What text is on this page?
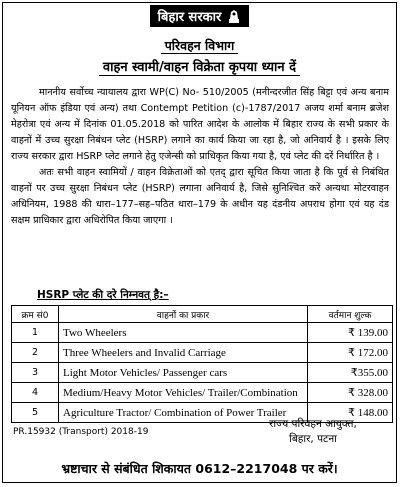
बिहार सरकार
परिवहन विभाग
वाहन स्वामी/वाहन विक्रेता कृपया ध्यान दें

माननीय सर्वोच्च न्यायालय द्वारा WP(C) No- 510/2005 (मनीन्दरजीत सिंह बिट्टा एवं अन्य बनाम यूनियन ऑफ इंडिया एवं अन्य) तथा Contempt Petition (c)-1787/2017 अजय शर्मा बनाम ब्रजेश मेहरोत्रा एवं अन्य में दिनांक 01.05.2018 को पारित आदेश के आलोक में बिहार राज्य के सभी प्रकार के वाहनों में उच्च सुरक्षा निबंधन प्लेट (HSRP) लगाने का कार्य किया जा रहा है, जो अनिवार्य है । इसके लिए राज्य सरकार द्वारा HSRP प्लेट लगाने हेतु एजेन्सी को प्राधिकृत किया गया है, एवं प्लेट की दरें निर्धारित है ।

अतः सभी वाहन स्वामियों / वाहन विक्रेताओं को एतद् द्वारा सूचित किया जाता है कि पूर्व से निबंधित वाहनों पर उच्च सुरक्षा निबंधन प्लेट (HSRP) लगाना अनिवार्य है, जिसे सुनिश्चित करें अन्यथा मोटरवाहन अधिनियम, 1988 की धारा–177–सह–पठित धारा–179 के अधीन यह दंडनीय अपराध होगा एवं यह दंड सक्षम प्राधिकार द्वारा अधिरोपित किया जाएगा ।

HSRP प्लेट की दरे निम्नवत् है:–
क्रम सं0	वाहनों का प्रकार	वर्तमान शुल्क
1	Two Wheelers	₹ 139.00
2	Three Wheelers and Invalid Carriage	₹ 172.00
3	Light Motor Vehicles/ Passenger cars	₹355.00
4	Medium/Heavy Motor Vehicles/ Trailer/Combination	₹ 328.00
5	Agriculture Tractor/ Combination of Power Trailer	₹ 148.00
PR.15932 (Transport) 2018-19
राज्य परिवहन आयुक्त,
बिहार, पटना
भ्रष्टाचार से संबंधित शिकायत 0612–2217048 पर करें।
